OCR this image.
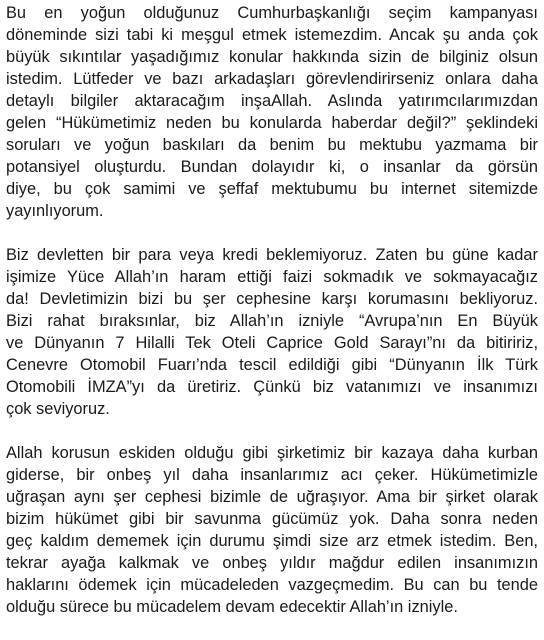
Bu en yoğun olduğunuz Cumhurbaşkanlığı seçim kampanyası
döneminde sizi tabi ki meşgul etmek istemezdim. Ancak şu anda çok
büyük sıkıntılar yaşadığımız konular hakkında sizin de bilginiz olsun
istedim. Lütfeder ve bazı arkadaşları görevlendirirseniz onlara daha
detaylı bilgiler aktaracağım inşaAllah. Aslında yatırımcılarımızdan
gelen “Hükümetimiz neden bu konularda haberdar değil?” şeklindeki
soruları ve yoğun baskıları da benim bu mektubu yazmama bir
potansiyel oluşturdu. Bundan dolayıdır ki, o insanlar da görsün
diye, bu çok samimi ve şeffaf mektubumu bu internet sitemizde
yayınlıyorum.
Biz devletten bir para veya kredi beklemiyoruz. Zaten bu güne kadar
işimize Yüce Allah’ın haram ettiği faizi sokmadık ve sokmayacağız
da! Devletimizin bizi bu şer cephesine karşı korumasını bekliyoruz.
Bizi rahat bıraksınlar, biz Allah’ın izniyle “Avrupa’nın En Büyük
ve Dünyanın 7 Hilalli Tek Oteli Caprice Gold Sarayı”nı da bitiririz,
Cenevre Otomobil Fuarı’nda tescil edildiği gibi “Dünyanın İlk Türk
Otomobili İMZA”yı da üretiriz. Çünkü biz vatanımızı ve insanımızı
çok seviyoruz.
Allah korusun eskiden olduğu gibi şirketimiz bir kazaya daha kurban
giderse, bir onbeş yıl daha insanlarımız acı çeker. Hükümetimizle
uğraşan aynı şer cephesi bizimle de uğraşıyor. Ama bir şirket olarak
bizim hükümet gibi bir savunma gücümüz yok. Daha sonra neden
geç kaldım dememek için durumu şimdi size arz etmek istedim. Ben,
tekrar ayağa kalkmak ve onbeş yıldır mağdur edilen insanımızın
haklarını ödemek için mücadeleden vazgeçmedim. Bu can bu tende
olduğu sürece bu mücadelem devam edecektir Allah’ın izniyle.
